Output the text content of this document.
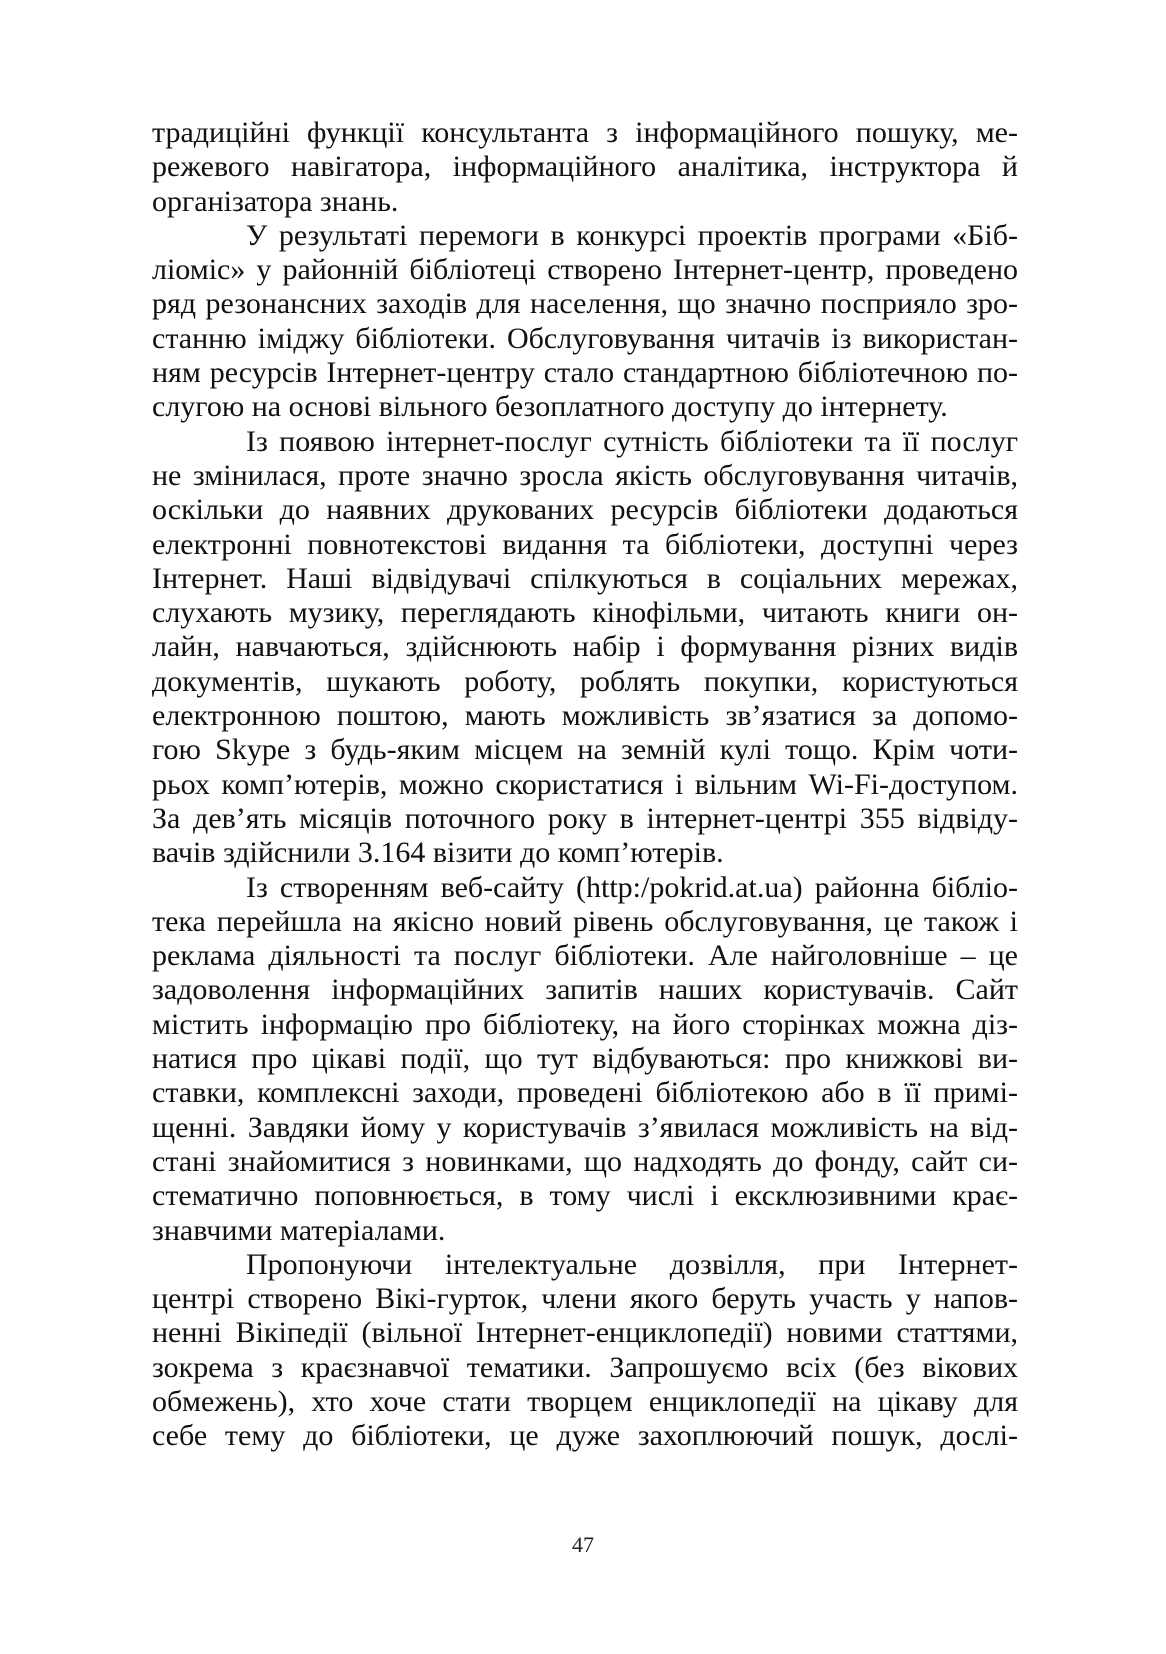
традиційні функції консультанта з інформаційного пошуку, ме-
режевого навігатора, інформаційного аналітика, інструктора й
організатора знань.
У результаті перемоги в конкурсі проектів програми «Біб-
ліоміс» у районній бібліотеці створено Інтернет-центр, проведено
ряд резонансних заходів для населення, що значно посприяло зро-
станню іміджу бібліотеки. Обслуговування читачів із використан-
ням ресурсів Інтернет-центру стало стандартною бібліотечною по-
слугою на основі вільного безоплатного доступу до інтернету.
Із появою інтернет-послуг сутність бібліотеки та її послуг
не змінилася, проте значно зросла якість обслуговування читачів,
оскільки до наявних друкованих ресурсів бібліотеки додаються
електронні повнотекстові видання та бібліотеки, доступні через
Інтернет. Наші відвідувачі спілкуються в соціальних мережах,
слухають музику, переглядають кінофільми, читають книги он-
лайн, навчаються, здійснюють набір і формування різних видів
документів, шукають роботу, роблять покупки, користуються
електронною поштою, мають можливість зв’язатися за допомо-
гою Skype з будь-яким місцем на земній кулі тощо. Крім чоти-
рьох комп’ютерів, можно скористатися і вільним Wi-Fi-доступом.
За дев’ять місяців поточного року в інтернет-центрі 355 відвіду-
вачів здійснили 3.164 візити до комп’ютерів.
Із створенням веб-сайту (http:/pokrid.at.ua) районна бібліо-
тека перейшла на якісно новий рівень обслуговування, це також і
реклама діяльності та послуг бібліотеки. Але найголовніше – це
задоволення інформаційних запитів наших користувачів. Сайт
містить інформацію про бібліотеку, на його сторінках можна діз-
натися про цікаві події, що тут відбуваються: про книжкові ви-
ставки, комплексні заходи, проведені бібліотекою або в її примі-
щенні. Завдяки йому у користувачів з’явилася можливість на від-
стані знайомитися з новинками, що надходять до фонду, сайт си-
стематично поповнюється, в тому числі і ексклюзивними крає-
знавчими матеріалами.
Пропонуючи інтелектуальне дозвілля, при Інтернет-
центрі створено Вікі-гурток, члени якого беруть участь у напов-
ненні Вікіпедії (вільної Інтернет-енциклопедії) новими статтями,
зокрема з краєзнавчої тематики. Запрошуємо всіх (без вікових
обмежень), хто хоче стати творцем енциклопедії на цікаву для
себе тему до бібліотеки, це дуже захоплюючий пошук, дослі-
47
